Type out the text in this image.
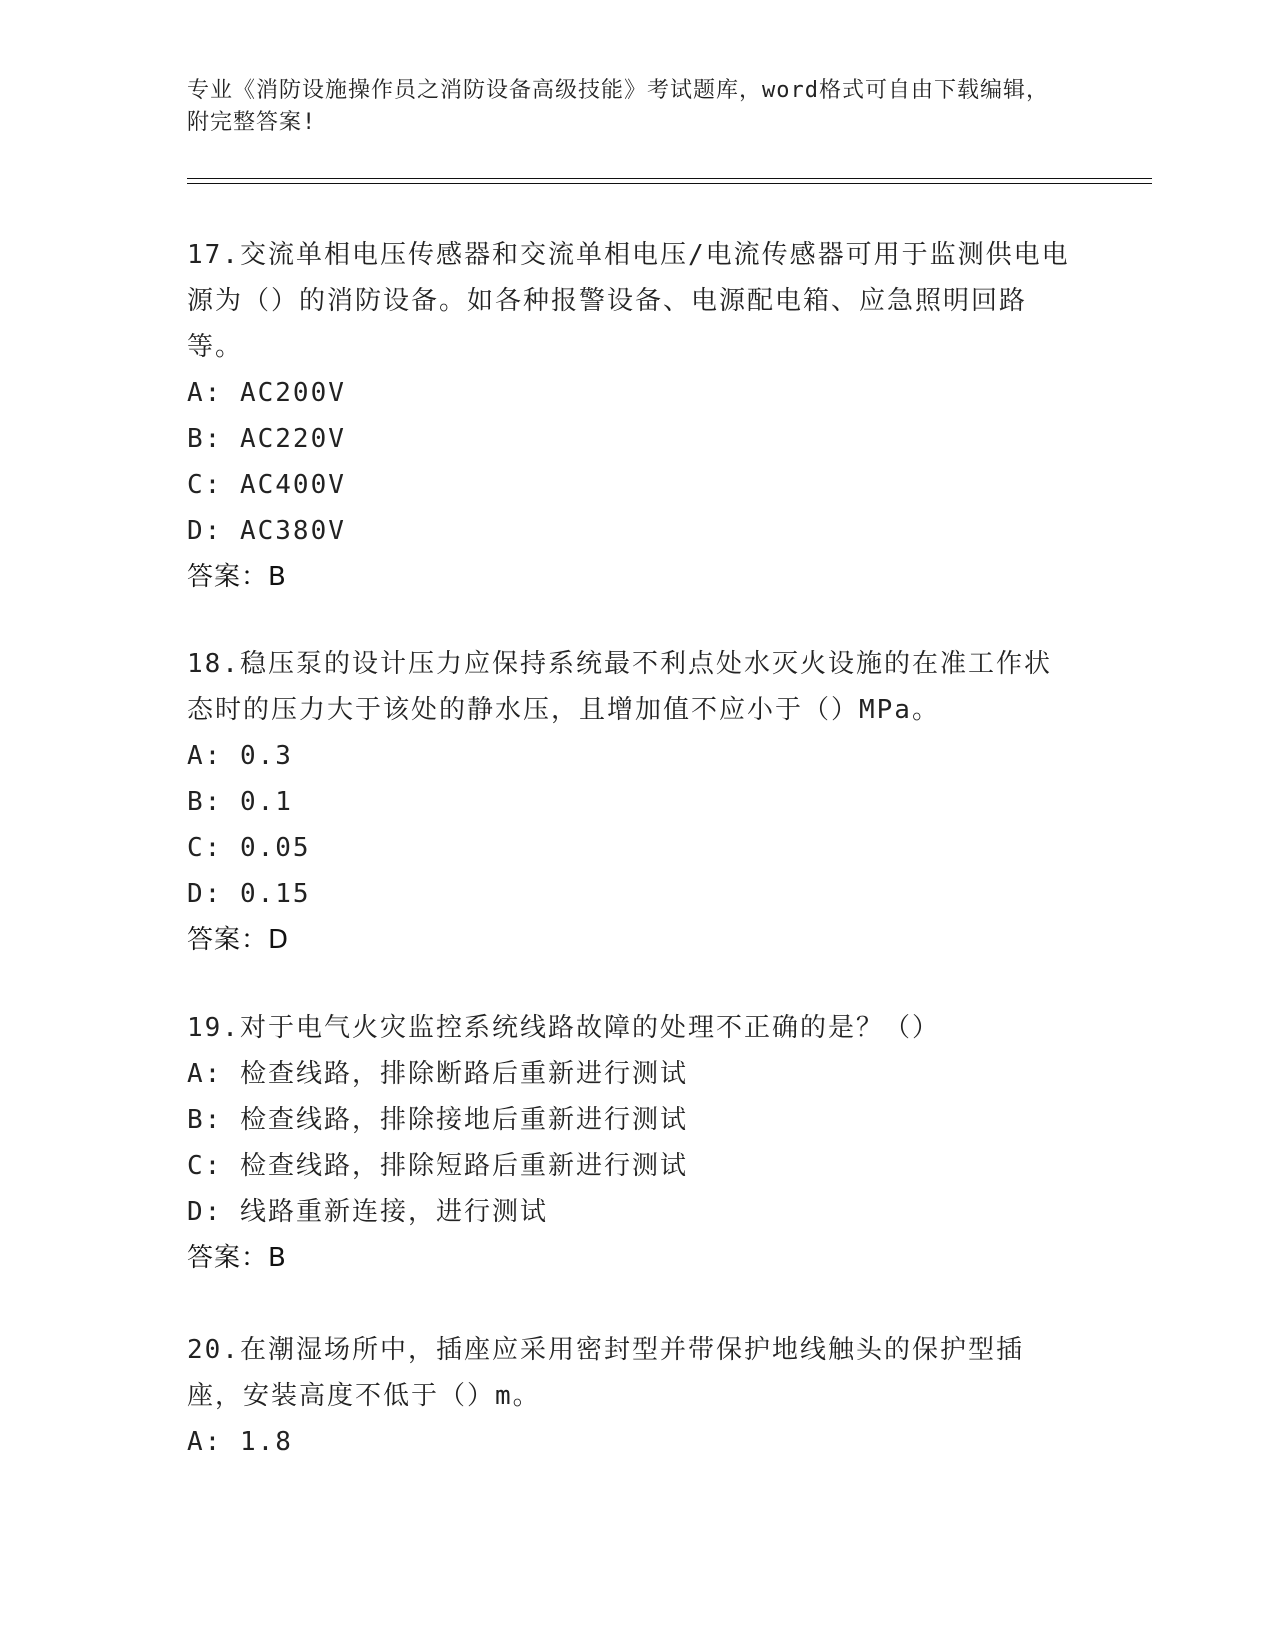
专业《消防设施操作员之消防设备高级技能》考试题库，word格式可自由下载编辑，附完整答案!

17.交流单相电压传感器和交流单相电压/电流传感器可用于监测供电电源为（）的消防设备。如各种报警设备、电源配电箱、应急照明回路等。

A: AC200V

B: AC220V

C: AC400V

D: AC380V

答案：B

18.稳压泵的设计压力应保持系统最不利点处水灭火设施的在准工作状态时的压力大于该处的静水压，且增加值不应小于（）MPa。

A: 0.3

B: 0.1

C: 0.05

D: 0.15

答案：D

19.对于电气火灾监控系统线路故障的处理不正确的是？（）

A: 检查线路，排除断路后重新进行测试

B: 检查线路，排除接地后重新进行测试

C: 检查线路，排除短路后重新进行测试

D: 线路重新连接，进行测试

答案：B

20.在潮湿场所中，插座应采用密封型并带保护地线触头的保护型插座，安装高度不低于（）m。

A: 1.8
